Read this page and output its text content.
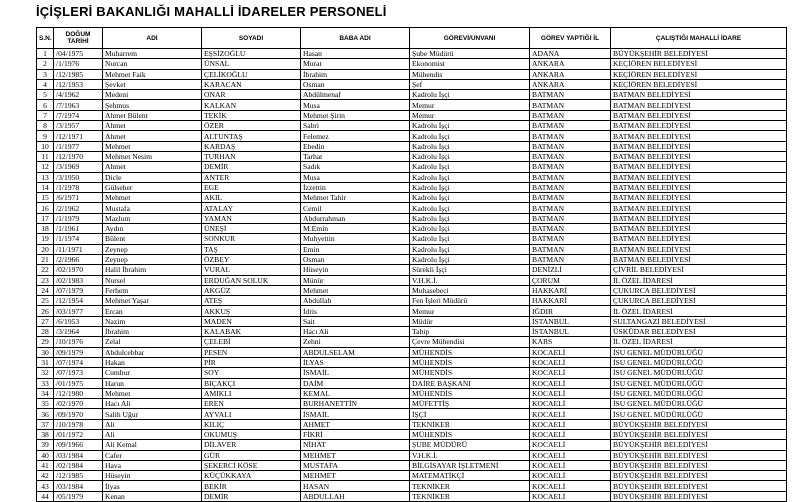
İÇİŞLERİ BAKANLIĞI MAHALLİ İDARELER PERSONELİ
S.N.	DOĞUM TARİHİ	ADI	SOYADI	BABA ADI	GÖREVİ/UNVANI	GÖREV YAPTIĞI İL	ÇALIŞTIĞI MAHALLİ İDARE
1	/04/1975	Muharrem	EŞSİZOĞLU	Hasan	Şube Müdürü	ADANA	BÜYÜKŞEHİR BELEDİYESİ
2	/1/1976	Nurcan	ÜNSAL	Murat	Ekonomist	ANKARA	KEÇİÖREN BELEDİYESİ
3	/12/1985	Mehmet Faik	ÇELİKOĞLU	İbrahim	Mühendis	ANKARA	KEÇİÖREN BELEDİYESİ
4	/12/1953	Şevket	KARACAN	Osman	Şef	ANKARA	KEÇİÖREN BELEDİYESİ
5	/4/1962	Medeni	ONAR	Abdülmenaf	Kadrolu İşçi	BATMAN	BATMAN BELEDİYESİ
6	/7/1963	Şehmus	KALKAN	Musa	Memur	BATMAN	BATMAN BELEDİYESİ
7	/7/1974	Ahmet Bülent	TEKİK	Mehmet Şirin	Memur	BATMAN	BATMAN BELEDİYESİ
8	/3/1957	Ahmet	ÖZER	Sabri	Kadrolu İşçi	BATMAN	BATMAN BELEDİYESİ
9	/12/1971	Ahmet	ALTUNTAŞ	Felemez	Kadrolu İşçi	BATMAN	BATMAN BELEDİYESİ
10	/1/1977	Mehmet	KARDAŞ	Ebedin	Kadrolu İşçi	BATMAN	BATMAN BELEDİYESİ
11	/12/1970	Mehmet Nesim	TURHAN	Tarhat	Kadrolu İşçi	BATMAN	BATMAN BELEDİYESİ
12	/3/1969	Ahmet	DEMİR	Sadık	Kadrolu İşçi	BATMAN	BATMAN BELEDİYESİ
13	/3/1950	Dicle	ANTER	Musa	Kadrolu İşçi	BATMAN	BATMAN BELEDİYESİ
14	/1/1978	Gülseher	EGE	İzzettin	Kadrolu İşçi	BATMAN	BATMAN BELEDİYESİ
15	/6/1971	Mehmet	AKIL	Mehmet Tahir	Kadrolu İşçi	BATMAN	BATMAN BELEDİYESİ
16	/2/1962	Mustafa	ATALAY	Cemil	Kadrolu İşçi	BATMAN	BATMAN BELEDİYESİ
17	/1/1979	Mazlum	YAMAN	Abdurrahman	Kadrolu İşçi	BATMAN	BATMAN BELEDİYESİ
18	/1/1961	Aydın	ÜNEŞİ	M.Emin	Kadrolu İşçi	BATMAN	BATMAN BELEDİYESİ
19	/1/1974	Bülent	SONKUR	Muhyettin	Kadrolu İşçi	BATMAN	BATMAN BELEDİYESİ
20	/11/1971	Zeynep	TAŞ	Emin	Kadrolu İşçi	BATMAN	BATMAN BELEDİYESİ
21	/2/1966	Zeynep	ÖZBEY	Osman	Kadrolu İşçi	BATMAN	BATMAN BELEDİYESİ
22	/02/1970	Halil İbrahim	VURAL	Hüseyin	Sürekli İşçi	DENİZLİ	ÇİVRİL BELEDİYESİ
23	/02/1983	Nursel	ERDUĞAN SOLUK	Münür	V.H.K.İ.	ÇORUM	İL ÖZEL İDARESİ
24	/07/1979	Ferhem	AKGÜZ	Mehmet	Muhasebeci	HAKKARİ	ÇUKURCA BELEDİYESİ
25	/12/1954	Mehmet Yaşar	ATEŞ	Abdullah	Fen İşleri Müdürü	HAKKARİ	ÇUKURCA BELEDİYESİ
26	/03/1977	Ercan	AKKUŞ	İdris	Memur	IĞDIR	İL ÖZEL İDARESİ
27	/6/1953	Nazim	MADEN	Sait	Müdür	İSTANBUL	SULTANGAZİ BELEDİYESİ
28	/3/1964	İbrahim	KALABAK	Hacı Ali	Tabip	İSTANBUL	ÜSKÜDAR BELEDİYESİ
29	/10/1976	Zelal	ÇELEBİ	Zehni	Çevre Mühendisi	KARS	İL ÖZEL İDARESİ
30	/09/1979	Abdulcebbar	PESEN	ABDULSELAM	MÜHENDİS	KOCAELİ	İSU GENEL MÜDÜRLÜĞÜ
31	/07/1974	Hakan	PİR	İLYAS	MÜHENDİS	KOCAELİ	İSU GENEL MÜDÜRLÜĞÜ
32	/07/1973	Cumhur	SOY	İSMAİL	MÜHENDİS	KOCAELİ	İSU GENEL MÜDÜRLÜĞÜ
33	/01/1975	Harun	BIÇAKÇI	DAİM	DAİRE BAŞKANI	KOCAELİ	İSU GENEL MÜDÜRLÜĞÜ
34	/12/1980	Mehmet	AMIKLI	KEMAL	MÜHENDİS	KOCAELİ	İSU GENEL MÜDÜRLÜĞÜ
35	/02/1970	Hacı Ali	EREN	BURHANETTİN	MÜFETTİŞ	KOCAELİ	İSU GENEL MÜDÜRLÜĞÜ
36	/09/1970	Salih Uğur	AYVALI	İSMAİL	İŞÇİ	KOCAELİ	İSU GENEL MÜDÜRLÜĞÜ
37	/10/1978	Ali	KILIÇ	AHMET	TEKNİKER	KOCAELİ	BÜYÜKŞEHİR BELEDİYESİ
38	/01/1972	Ali	OKUMUŞ	FİKRİ	MÜHENDİS	KOCAELİ	BÜYÜKŞEHİR BELEDİYESİ
39	/09/1966	Ali Kemal	DİLAVER	NİHAT	ŞUBE MÜDÜRÜ	KOCAELİ	BÜYÜKŞEHİR BELEDİYESİ
40	/03/1984	Cafer	GÜR	MEHMET	V.H.K.İ.	KOCAELİ	BÜYÜKŞEHİR BELEDİYESİ
41	/02/1984	Hava	ŞEKERCİ KÖSE	MUSTAFA	BİLGİSAYAR İŞLETMENİ	KOCAELİ	BÜYÜKŞEHİR BELEDİYESİ
42	/12/1985	Hüseyin	KÜÇÜKKAYA	MEHMET	MATEMATİKÇİ	KOCAELİ	BÜYÜKŞEHİR BELEDİYESİ
43	/03/1984	İlyas	BEKİR	HASAN	TEKNİKER	KOCAELİ	BÜYÜKŞEHİR BELEDİYESİ
44	/05/1979	Kenan	DEMİR	ABDULLAH	TEKNİKER	KOCAELİ	BÜYÜKŞEHİR BELEDİYESİ
